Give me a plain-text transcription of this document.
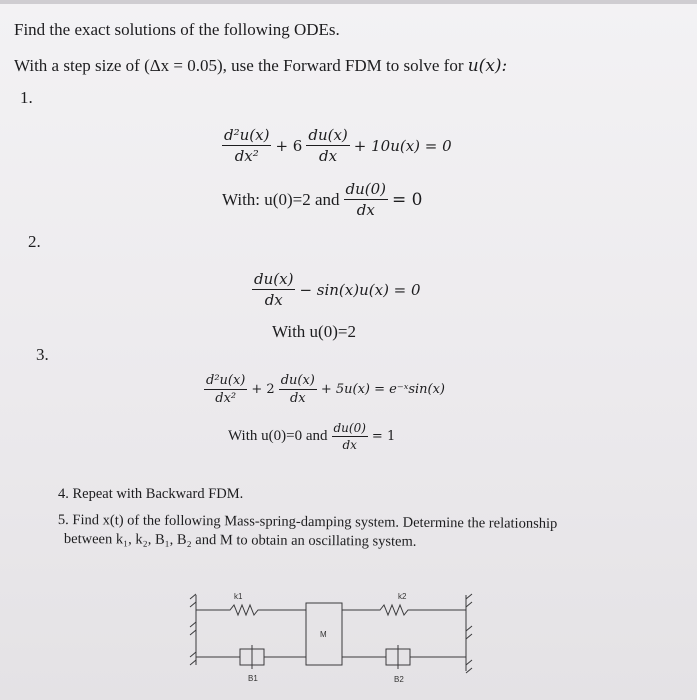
Find the exact solutions of the following ODEs.
With a step size of (Δx = 0.05), use the Forward FDM to solve for u(x):
1.
$\frac{\text{d²u(x)}}{\text{dx²}} + 6 \frac{du(x)}{dx} + 10u(x) = 0$
With: u(0)=2 and $\frac{du(0)}{dx} = 0$
2.
$\frac{du(x)}{dx} - \sin(x)u(x) = 0$
With u(0)=2
3.
$\frac{\text{d²u(x)}}{\text{dx²}} + 2 \frac{du(x)}{dx} + 5u(x)$ = e⁻ˣsin(x)
With u(0)=0 and $\frac{du(0)}{dx} = 1$
4. Repeat with Backward FDM.
5. Find x(t) of the following Mass-spring-damping system. Determine the relationship
between k₁, k₂, B₁, B₂ and M to obtain an oscillating system.
k1	k2
M
B1	B2
